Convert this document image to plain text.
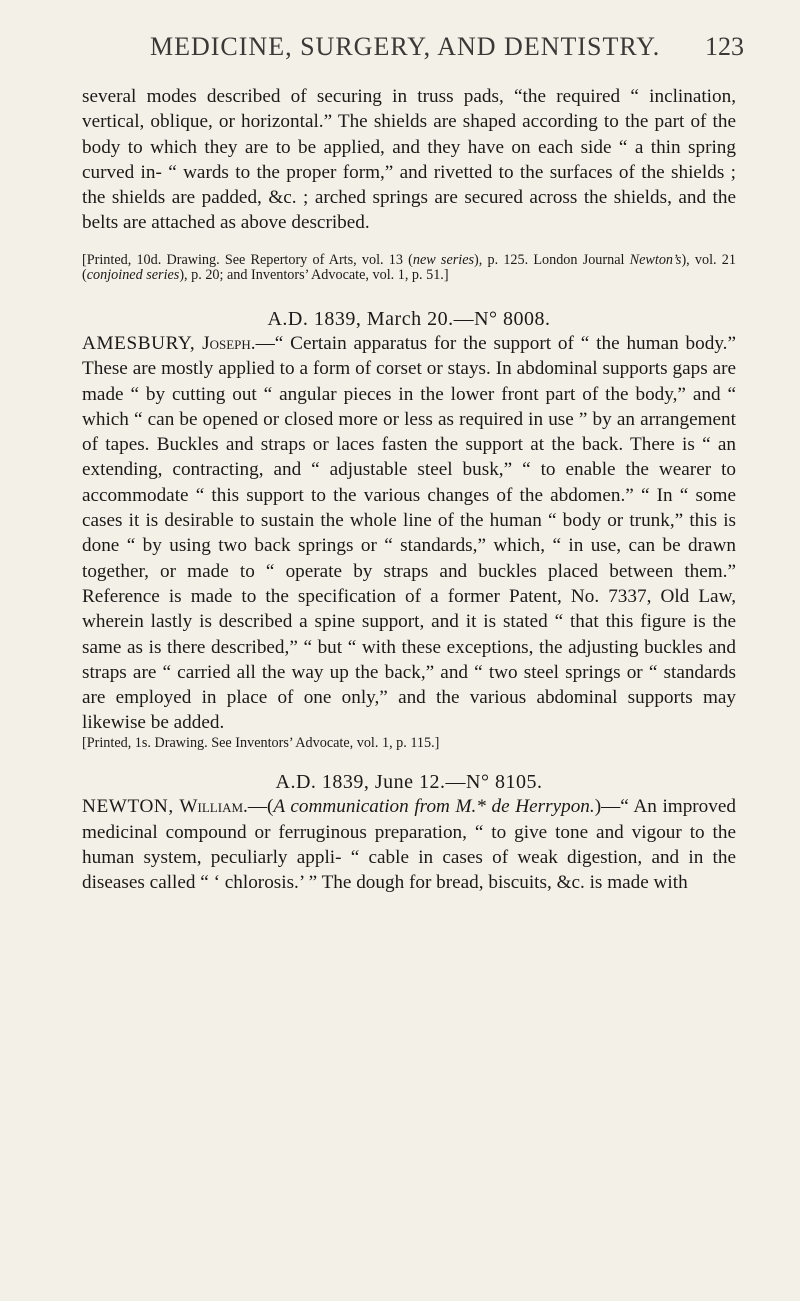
MEDICINE, SURGERY, AND DENTISTRY. 123

several modes described of securing in truss pads, “the required “ inclination, vertical, oblique, or horizontal.” The shields are shaped according to the part of the body to which they are to be applied, and they have on each side “ a thin spring curved in- “ wards to the proper form,” and rivetted to the surfaces of the shields ; the shields are padded, &c. ; arched springs are secured across the shields, and the belts are attached as above described.

[Printed, 10d. Drawing. See Repertory of Arts, vol. 13 (new series), p. 125. London Journal Newton’s), vol. 21 (conjoined series), p. 20; and Inventors’ Advocate, vol. 1, p. 51.]

A.D. 1839, March 20.—N° 8008.

AMESBURY, Joseph.—“ Certain apparatus for the support of “ the human body.” These are mostly applied to a form of corset or stays. In abdominal supports gaps are made “ by cutting out “ angular pieces in the lower front part of the body,” and “ which “ can be opened or closed more or less as required in use ” by an arrangement of tapes. Buckles and straps or laces fasten the support at the back. There is “ an extending, contracting, and “ adjustable steel busk,” “ to enable the wearer to accommodate “ this support to the various changes of the abdomen.” “ In “ some cases it is desirable to sustain the whole line of the human “ body or trunk,” this is done “ by using two back springs or “ standards,” which, “ in use, can be drawn together, or made to “ operate by straps and buckles placed between them.” Reference is made to the specification of a former Patent, No. 7337, Old Law, wherein lastly is described a spine support, and it is stated “ that this figure is the same as is there described,” “ but “ with these exceptions, the adjusting buckles and straps are “ carried all the way up the back,” and “ two steel springs or “ standards are employed in place of one only,” and the various abdominal supports may likewise be added.

[Printed, 1s. Drawing. See Inventors’ Advocate, vol. 1, p. 115.]

A.D. 1839, June 12.—N° 8105.

NEWTON, William.—(A communication from M.* de Herrypon.)—“ An improved medicinal compound or ferruginous preparation, “ to give tone and vigour to the human system, peculiarly appli- “ cable in cases of weak digestion, and in the diseases called “ ‘ chlorosis.’ ” The dough for bread, biscuits, &c. is made with
